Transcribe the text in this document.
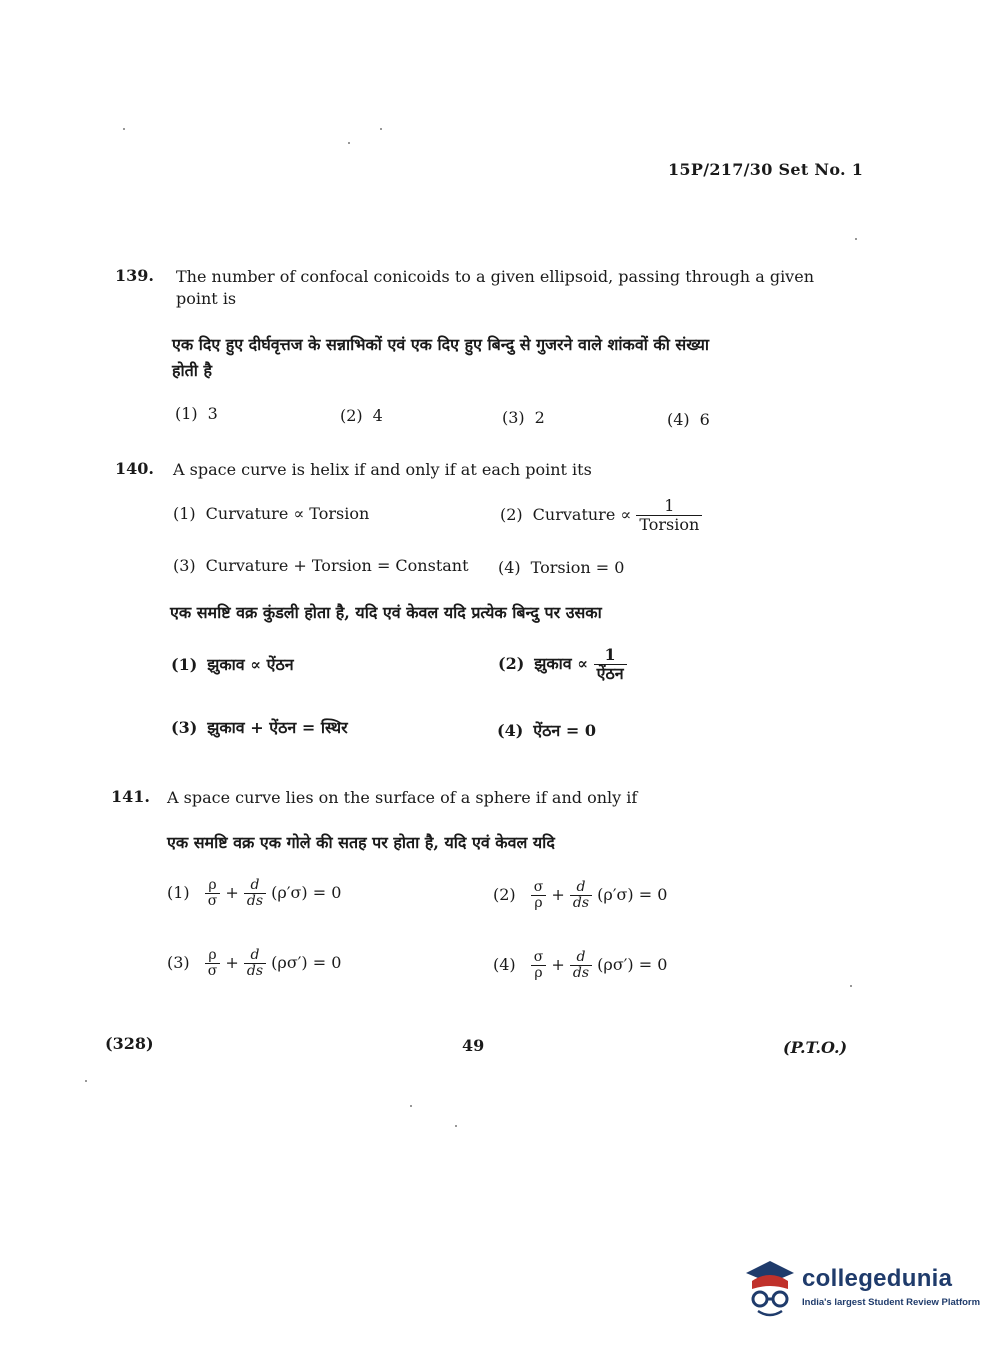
15P/217/30 Set No. 1
139. The number of confocal conicoids to a given ellipsoid, passing through a given
point is
एक दिए हुए दीर्घवृत्तज के सन्नाभिकों एवं एक दिए हुए बिन्दु से गुजरने वाले शांकवों की संख्या
होती है
(1) 3	(2) 4	(3) 2	(4) 6
140. A space curve is helix if and only if at each point its
(1) Curvature ∝ Torsion	(2) Curvature ∝ $\frac{1}{\text{Torsion}}$
(3) Curvature + Torsion = Constant (4) Torsion = 0
एक समष्टि वक्र कुंडली होता है, यदि एवं केवल यदि प्रत्येक बिन्दु पर उसका
(1) झुकाव ∝ ऐंठन	(2) झुकाव ∝ $\frac{1}{\text{ऐंठन}}$
(3) झुकाव + ऐंठन = स्थिर	(4) ऐंठन = 0
141. A space curve lies on the surface of a sphere if and only if
एक समष्टि वक्र एक गोले की सतह पर होता है, यदि एवं केवल यदि
$(1) \frac{\rho}{\sigma} + \frac{d}{ds} (\rho'\sigma) = 0$	$(2) \frac{\sigma}{\rho} + \frac{d}{ds} (\rho'\sigma) = 0$
$(3) \frac{\rho}{\sigma} + \frac{d}{ds} (\rho\sigma') = 0$	$(4) \frac{\sigma}{\rho} + \frac{d}{ds} (\rho\sigma') = 0$
(328)	49	(P.T.O.)
collegedunia
India's largest Student Review Platform
